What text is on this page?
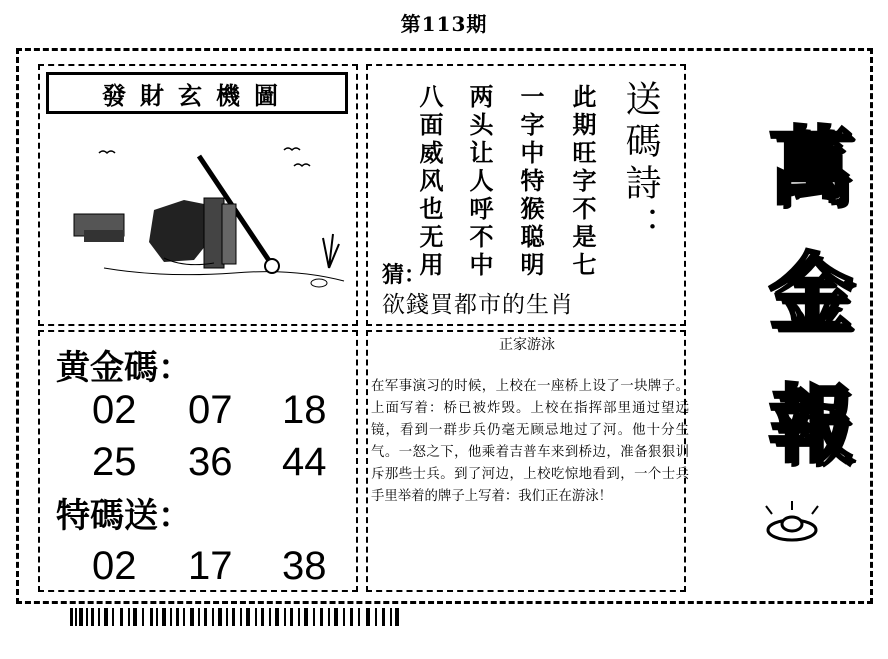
第113期
發財玄機圖	此期旺字不是七
一字中特猴聪明
两头让人呼不中
八面威风也无用	送碼詩：
猜：
欲錢買都市的生肖
黄金碼：
02 07 18
25 36 44
特碼送：
02 17 38
正家游泳
在军事演习的时候，上校在一座桥上设了一块牌子。上面写着：桥已被炸毁。上校在指挥部里通过望远镜，看到一群步兵仍毫无顾忌地过了河。他十分生气。一怒之下，他乘着吉普车来到桥边，准备狠狠训斥那些士兵。到了河边，上校吃惊地看到，一个士兵手里举着的牌子上写着：我们正在游泳！
萬
金
報
